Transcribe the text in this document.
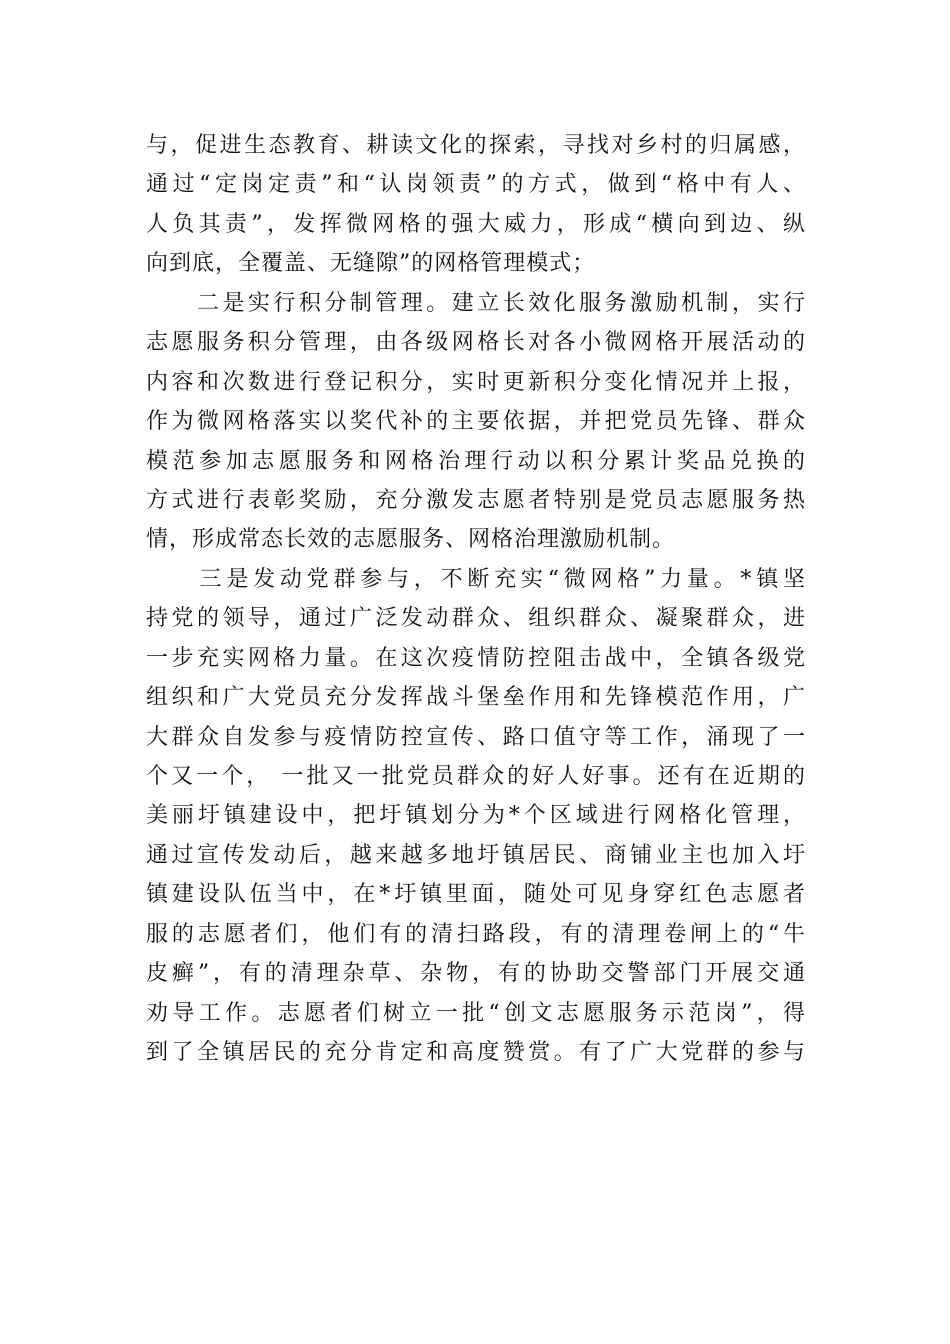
与，促进生态教育、耕读文化的探索，寻找对乡村的归属感，
通过“定岗定责”和“认岗领责”的方式，做到“格中有人、
人负其责”，发挥微网格的强大威力，形成“横向到边、纵
向到底，全覆盖、无缝隙”的网格管理模式；
　　二是实行积分制管理。建立长效化服务激励机制，实行
志愿服务积分管理，由各级网格长对各小微网格开展活动的
内容和次数进行登记积分，实时更新积分变化情况并上报，
作为微网格落实以奖代补的主要依据，并把党员先锋、群众
模范参加志愿服务和网格治理行动以积分累计奖品兑换的
方式进行表彰奖励，充分激发志愿者特别是党员志愿服务热
情，形成常态长效的志愿服务、网格治理激励机制。
　　三是发动党群参与，不断充实“微网格”力量。*镇坚
持党的领导，通过广泛发动群众、组织群众、凝聚群众，进
一步充实网格力量。在这次疫情防控阻击战中，全镇各级党
组织和广大党员充分发挥战斗堡垒作用和先锋模范作用，广
大群众自发参与疫情防控宣传、路口值守等工作，涌现了一
个又一个， 一批又一批党员群众的好人好事。还有在近期的
美丽圩镇建设中，把圩镇划分为*个区域进行网格化管理，
通过宣传发动后，越来越多地圩镇居民、商铺业主也加入圩
镇建设队伍当中，在*圩镇里面，随处可见身穿红色志愿者
服的志愿者们，他们有的清扫路段，有的清理卷闸上的“牛
皮癣”，有的清理杂草、杂物，有的协助交警部门开展交通
劝导工作。志愿者们树立一批“创文志愿服务示范岗”，得
到了全镇居民的充分肯定和高度赞赏。有了广大党群的参与
